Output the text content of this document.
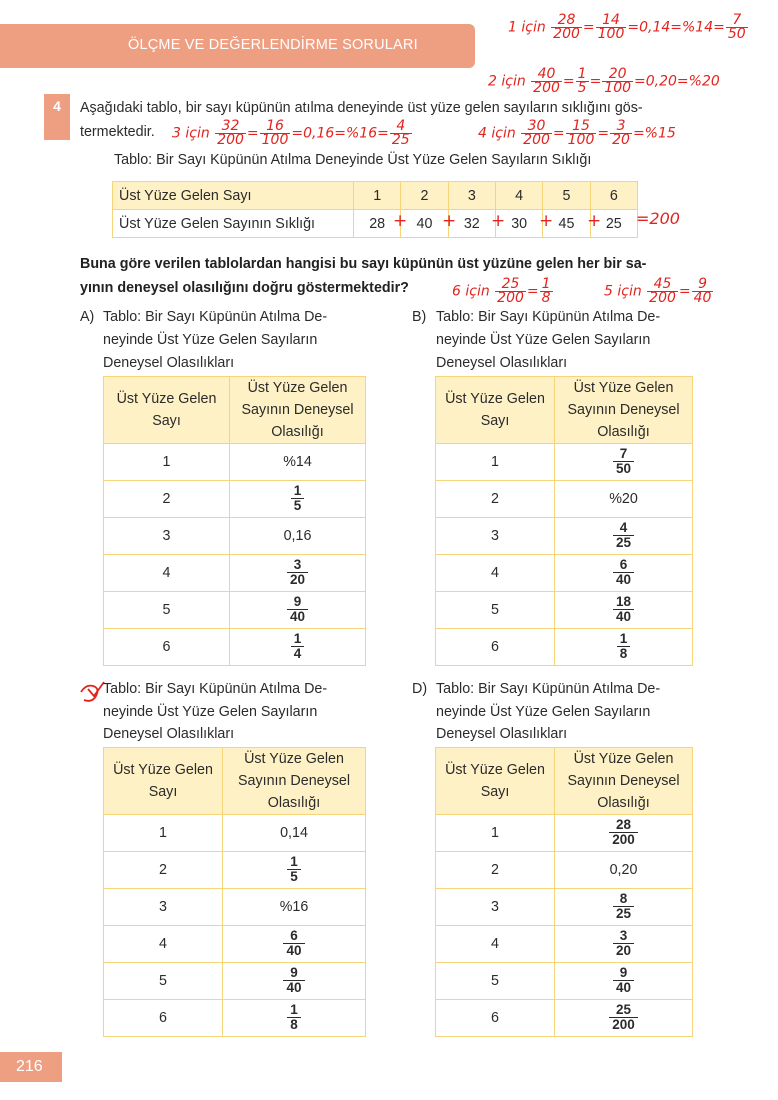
ÖLÇME VE DEĞERLENDİRME SORULARI
1 için $\frac{28}{200} = \frac{14}{100} =0,14=\%14= \frac{7}{50}$
2 için $\frac{40}{200} = \frac{1}{5} = \frac{20}{100} =0,20=\%20$
4	Aşağıdaki tablo, bir sayı küpünün atılma deneyinde üst yüze gelen sayıların sıklığını gös-
termektedir. 3 için $\frac{32}{200} = \frac{16}{100} =0,16=\%16= \frac{4}{25}$	4 için $\frac{30}{200} = \frac{15}{100} = \frac{3}{20} =\%15$
Tablo: Bir Sayı Küpünün Atılma Deneyinde Üst Yüze Gelen Sayıların Sıklığı
Üst Yüze Gelen Sayı	1	2	3	4	5	6
Üst Yüze Gelen Sayının Sıklığı	28	40	32	30	45	25
+ + + + + =200
Buna göre verilen tablolardan hangisi bu sayı küpünün üst yüzüne gelen her bir sa-
yının deneysel olasılığını doğru göstermektedir?	6 için $\frac{25}{200} = \frac{1}{8}$	5 için $\frac{45}{200} = \frac{9}{40}$
A) Tablo: Bir Sayı Küpünün Atılma De-
neyinde Üst Yüze Gelen Sayıların
Deneysel Olasılıkları
Üst Yüze Gelen Sayı	Üst Yüze Gelen Sayının Deneysel Olasılığı
1	%14
2	$\frac{1}{5}$

3	0,16
4	$\frac{3}{20}$

5	$\frac{9}{40}$

6	$\frac{1}{4}$
B) Tablo: Bir Sayı Küpünün Atılma De-
neyinde Üst Yüze Gelen Sayıların
Deneysel Olasılıkları
Üst Yüze Gelen Sayı	Üst Yüze Gelen Sayının Deneysel Olasılığı
1	$\frac{7}{50}$

2	%20
3	$\frac{4}{25}$

4	$\frac{6}{40}$

5	$\frac{18}{40}$

6	$\frac{1}{8}$
Tablo: Bir Sayı Küpünün Atılma De-
neyinde Üst Yüze Gelen Sayıların
Deneysel Olasılıkları
Üst Yüze Gelen Sayı	Üst Yüze Gelen Sayının Deneysel Olasılığı
1	0,14
2	$\frac{1}{5}$

3	%16
4	$\frac{6}{40}$

5	$\frac{9}{40}$

6	$\frac{1}{8}$
D) Tablo: Bir Sayı Küpünün Atılma De-
neyinde Üst Yüze Gelen Sayıların
Deneysel Olasılıkları
Üst Yüze Gelen Sayı	Üst Yüze Gelen Sayının Deneysel Olasılığı
1	$\frac{28}{200}$

2	0,20
3	$\frac{8}{25}$

4	$\frac{3}{20}$

5	$\frac{9}{40}$

6	$\frac{25}{200}$
216
